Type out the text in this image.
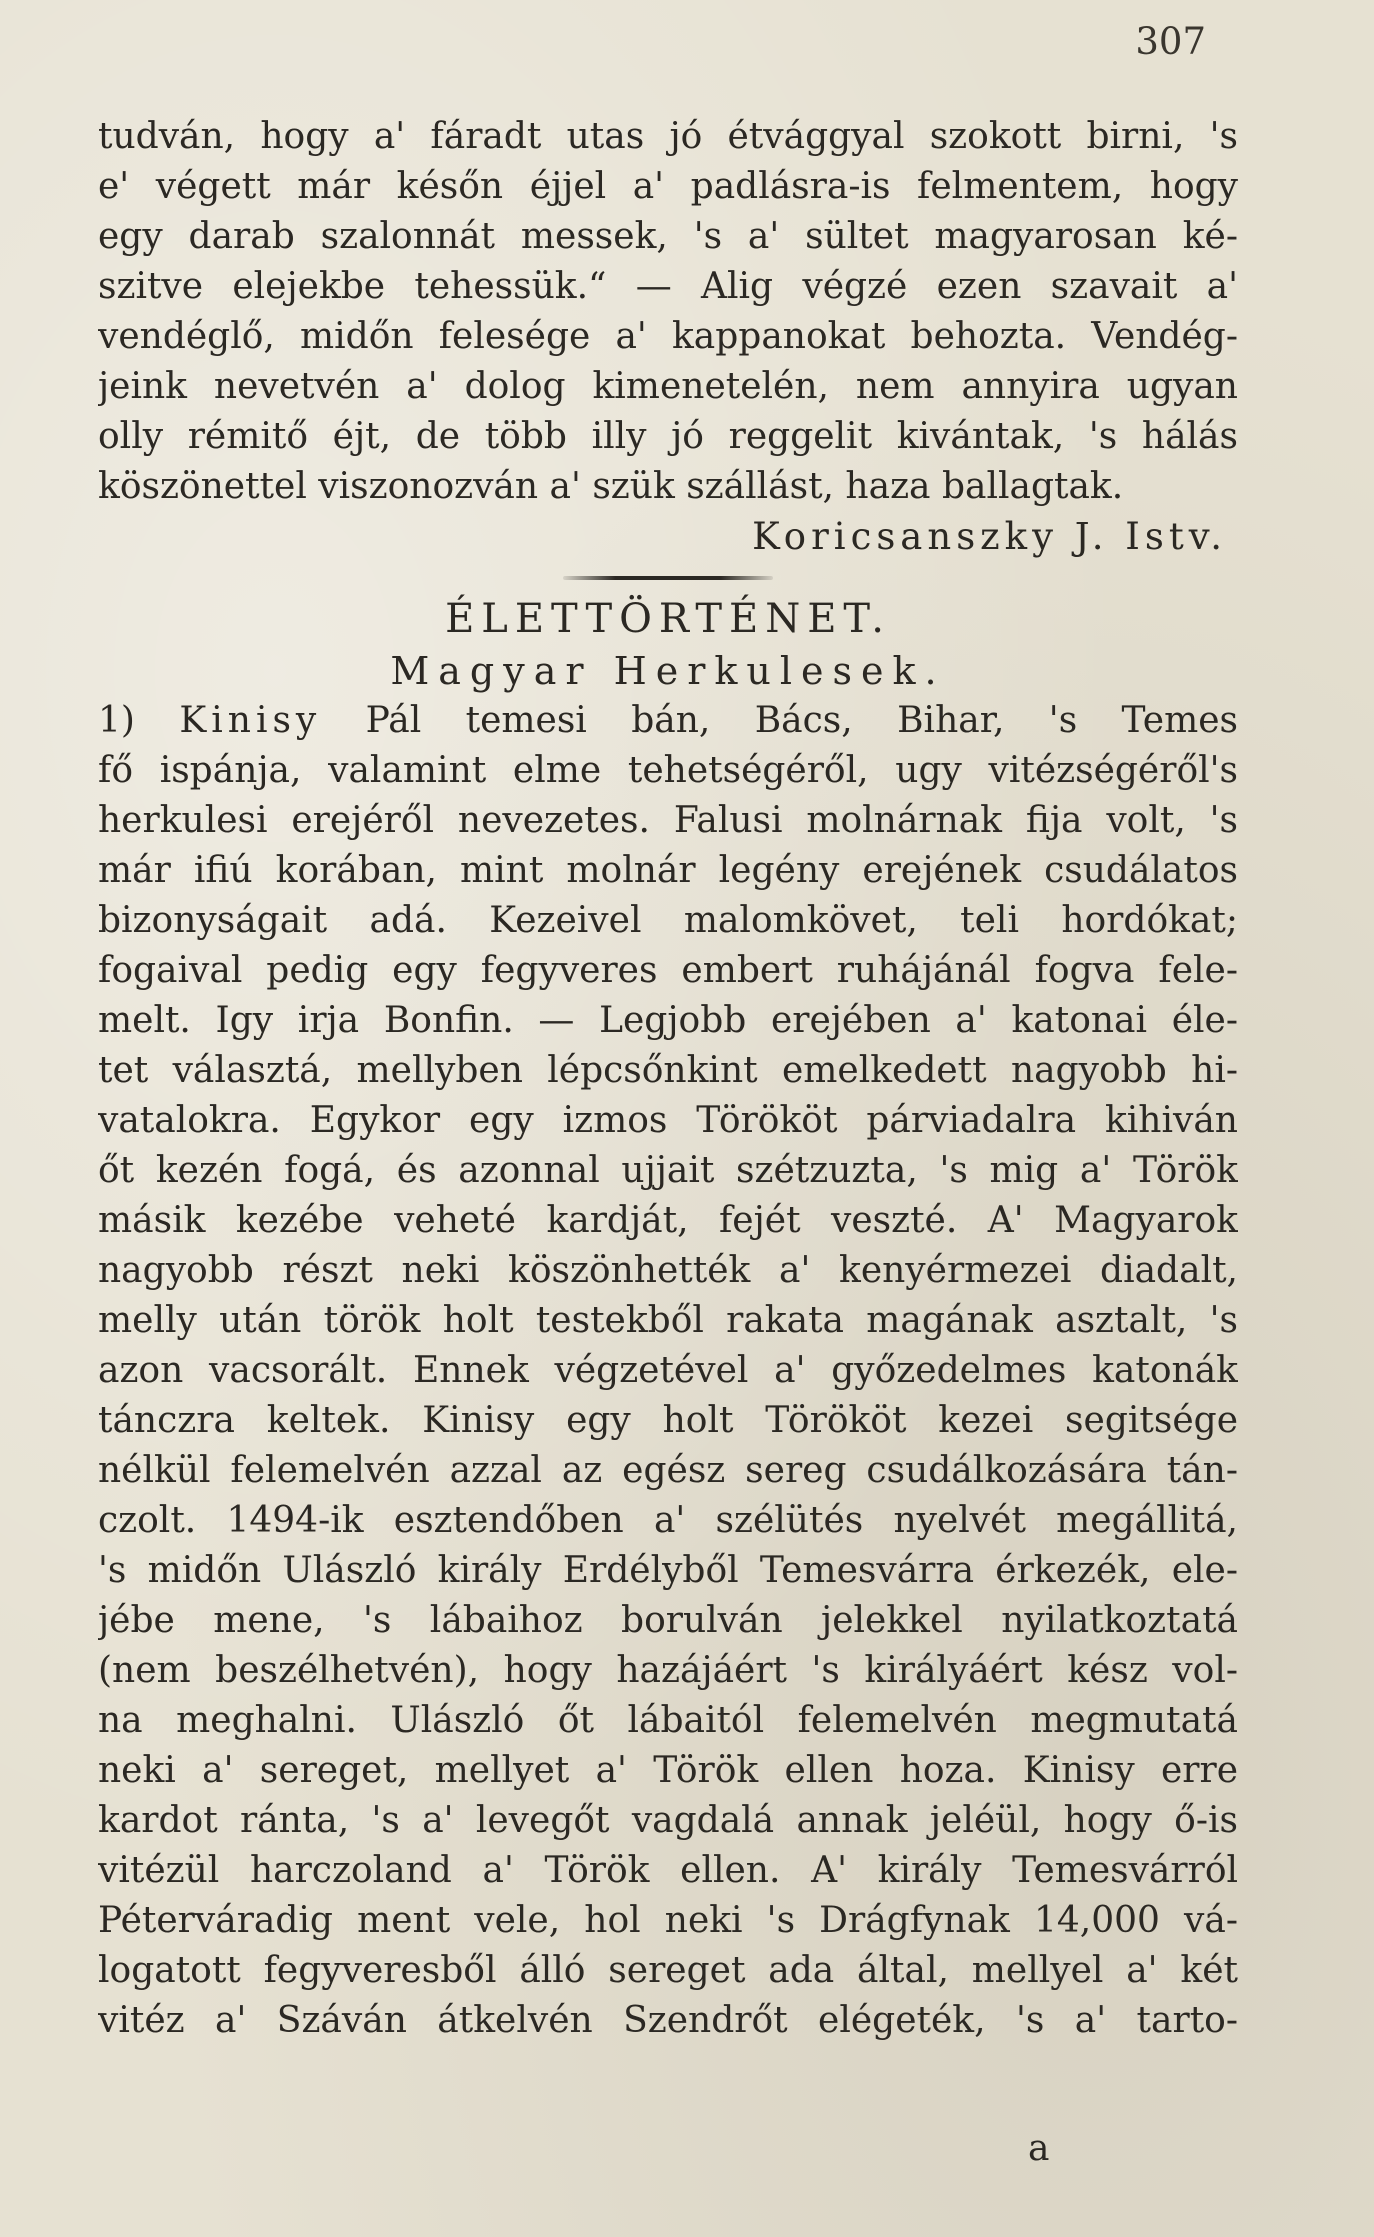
307
tudván, hogy a' fáradt utas jó étvággyal szokott birni, 's
e' végett már későn éjjel a' padlásra-is felmentem, hogy
egy darab szalonnát messek, 's a' sültet magyarosan ké-
szitve elejekbe tehessük.“ — Alig végzé ezen szavait a'
vendéglő, midőn felesége a' kappanokat behozta. Vendég-
jeink nevetvén a' dolog kimenetelén, nem annyira ugyan
olly rémitő éjt, de több illy jó reggelit kivántak, 's hálás
köszönettel viszonozván a' szük szállást, haza ballagtak.
Koricsanszky J. Istv.
ÉLETTÖRTÉNET.
Magyar Herkulesek.
1) Kinisy Pál temesi bán, Bács, Bihar, 's Temes
fő ispánja, valamint elme tehetségéről, ugy vitézségéről's
herkulesi erejéről nevezetes. Falusi molnárnak fija volt, 's
már ifiú korában, mint molnár legény erejének csudálatos
bizonyságait adá. Kezeivel malomkövet, teli hordókat;
fogaival pedig egy fegyveres embert ruhájánál fogva fele-
melt. Igy irja Bonfin. — Legjobb erejében a' katonai éle-
tet választá, mellyben lépcsőnkint emelkedett nagyobb hi-
vatalokra. Egykor egy izmos Törököt párviadalra kihiván
őt kezén fogá, és azonnal ujjait szétzuzta, 's mig a' Török
másik kezébe veheté kardját, fejét veszté. A' Magyarok
nagyobb részt neki köszönhették a' kenyérmezei diadalt,
melly után török holt testekből rakata magának asztalt, 's
azon vacsorált. Ennek végzetével a' győzedelmes katonák
tánczra keltek. Kinisy egy holt Törököt kezei segitsége
nélkül felemelvén azzal az egész sereg csudálkozására tán-
czolt. 1494-ik esztendőben a' szélütés nyelvét megállitá,
's midőn Ulászló király Erdélyből Temesvárra érkezék, ele-
jébe mene, 's lábaihoz borulván jelekkel nyilatkoztatá
(nem beszélhetvén), hogy hazájáért 's királyáért kész vol-
na meghalni. Ulászló őt lábaitól felemelvén megmutatá
neki a' sereget, mellyet a' Török ellen hoza. Kinisy erre
kardot ránta, 's a' levegőt vagdalá annak jeléül, hogy ő-is
vitézül harczoland a' Török ellen. A' király Temesvárról
Péterváradig ment vele, hol neki 's Drágfynak 14,000 vá-
logatott fegyveresből álló sereget ada által, mellyel a' két
vitéz a' Száván átkelvén Szendrőt elégeték, 's a' tarto-
a
